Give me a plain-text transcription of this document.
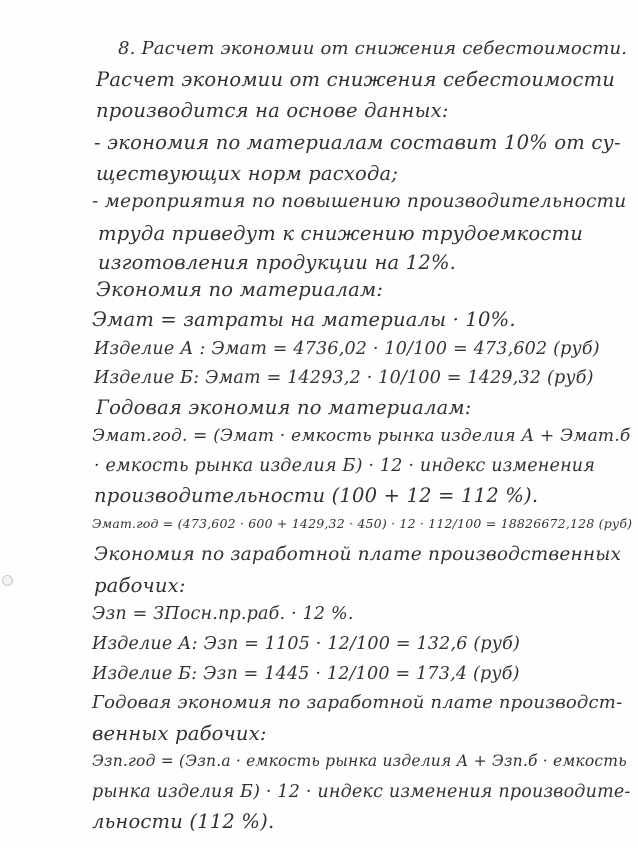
8. Расчет экономии от снижения себестоимости.
Расчет экономии от снижения себестоимости
производится на основе данных:
- экономия по материалам составит 10% от су-
ществующих норм расхода;
- мероприятия по повышению производительности
труда приведут к снижению трудоемкости
изготовления продукции на 12%.
Экономия по материалам:
Эмат = затраты на материалы · 10%.
Изделие А : Эмат = 4736,02 · 10/100 = 473,602 (руб)
Изделие Б: Эмат = 14293,2 · 10/100 = 1429,32 (руб)
Годовая экономия по материалам:
Эмат.год. = (Эмат · емкость рынка изделия А + Эмат.б
· емкость рынка изделия Б) · 12 · индекс изменения
производительности (100 + 12 = 112 %).
Эмат.год = (473,602 · 600 + 1429,32 · 450) · 12 · 112/100 = 18826672,128 (руб)
Экономия по заработной плате производственных
рабочих:
Эзп = ЗПосн.пр.раб. · 12 %.
Изделие А: Эзп = 1105 · 12/100 = 132,6 (руб)
Изделие Б: Эзп = 1445 · 12/100 = 173,4 (руб)
Годовая экономия по заработной плате производст-
венных рабочих:
Эзп.год = (Эзп.а · емкость рынка изделия А + Эзп.б · емкость
рынка изделия Б) · 12 · индекс изменения производите-
льности (112 %).
